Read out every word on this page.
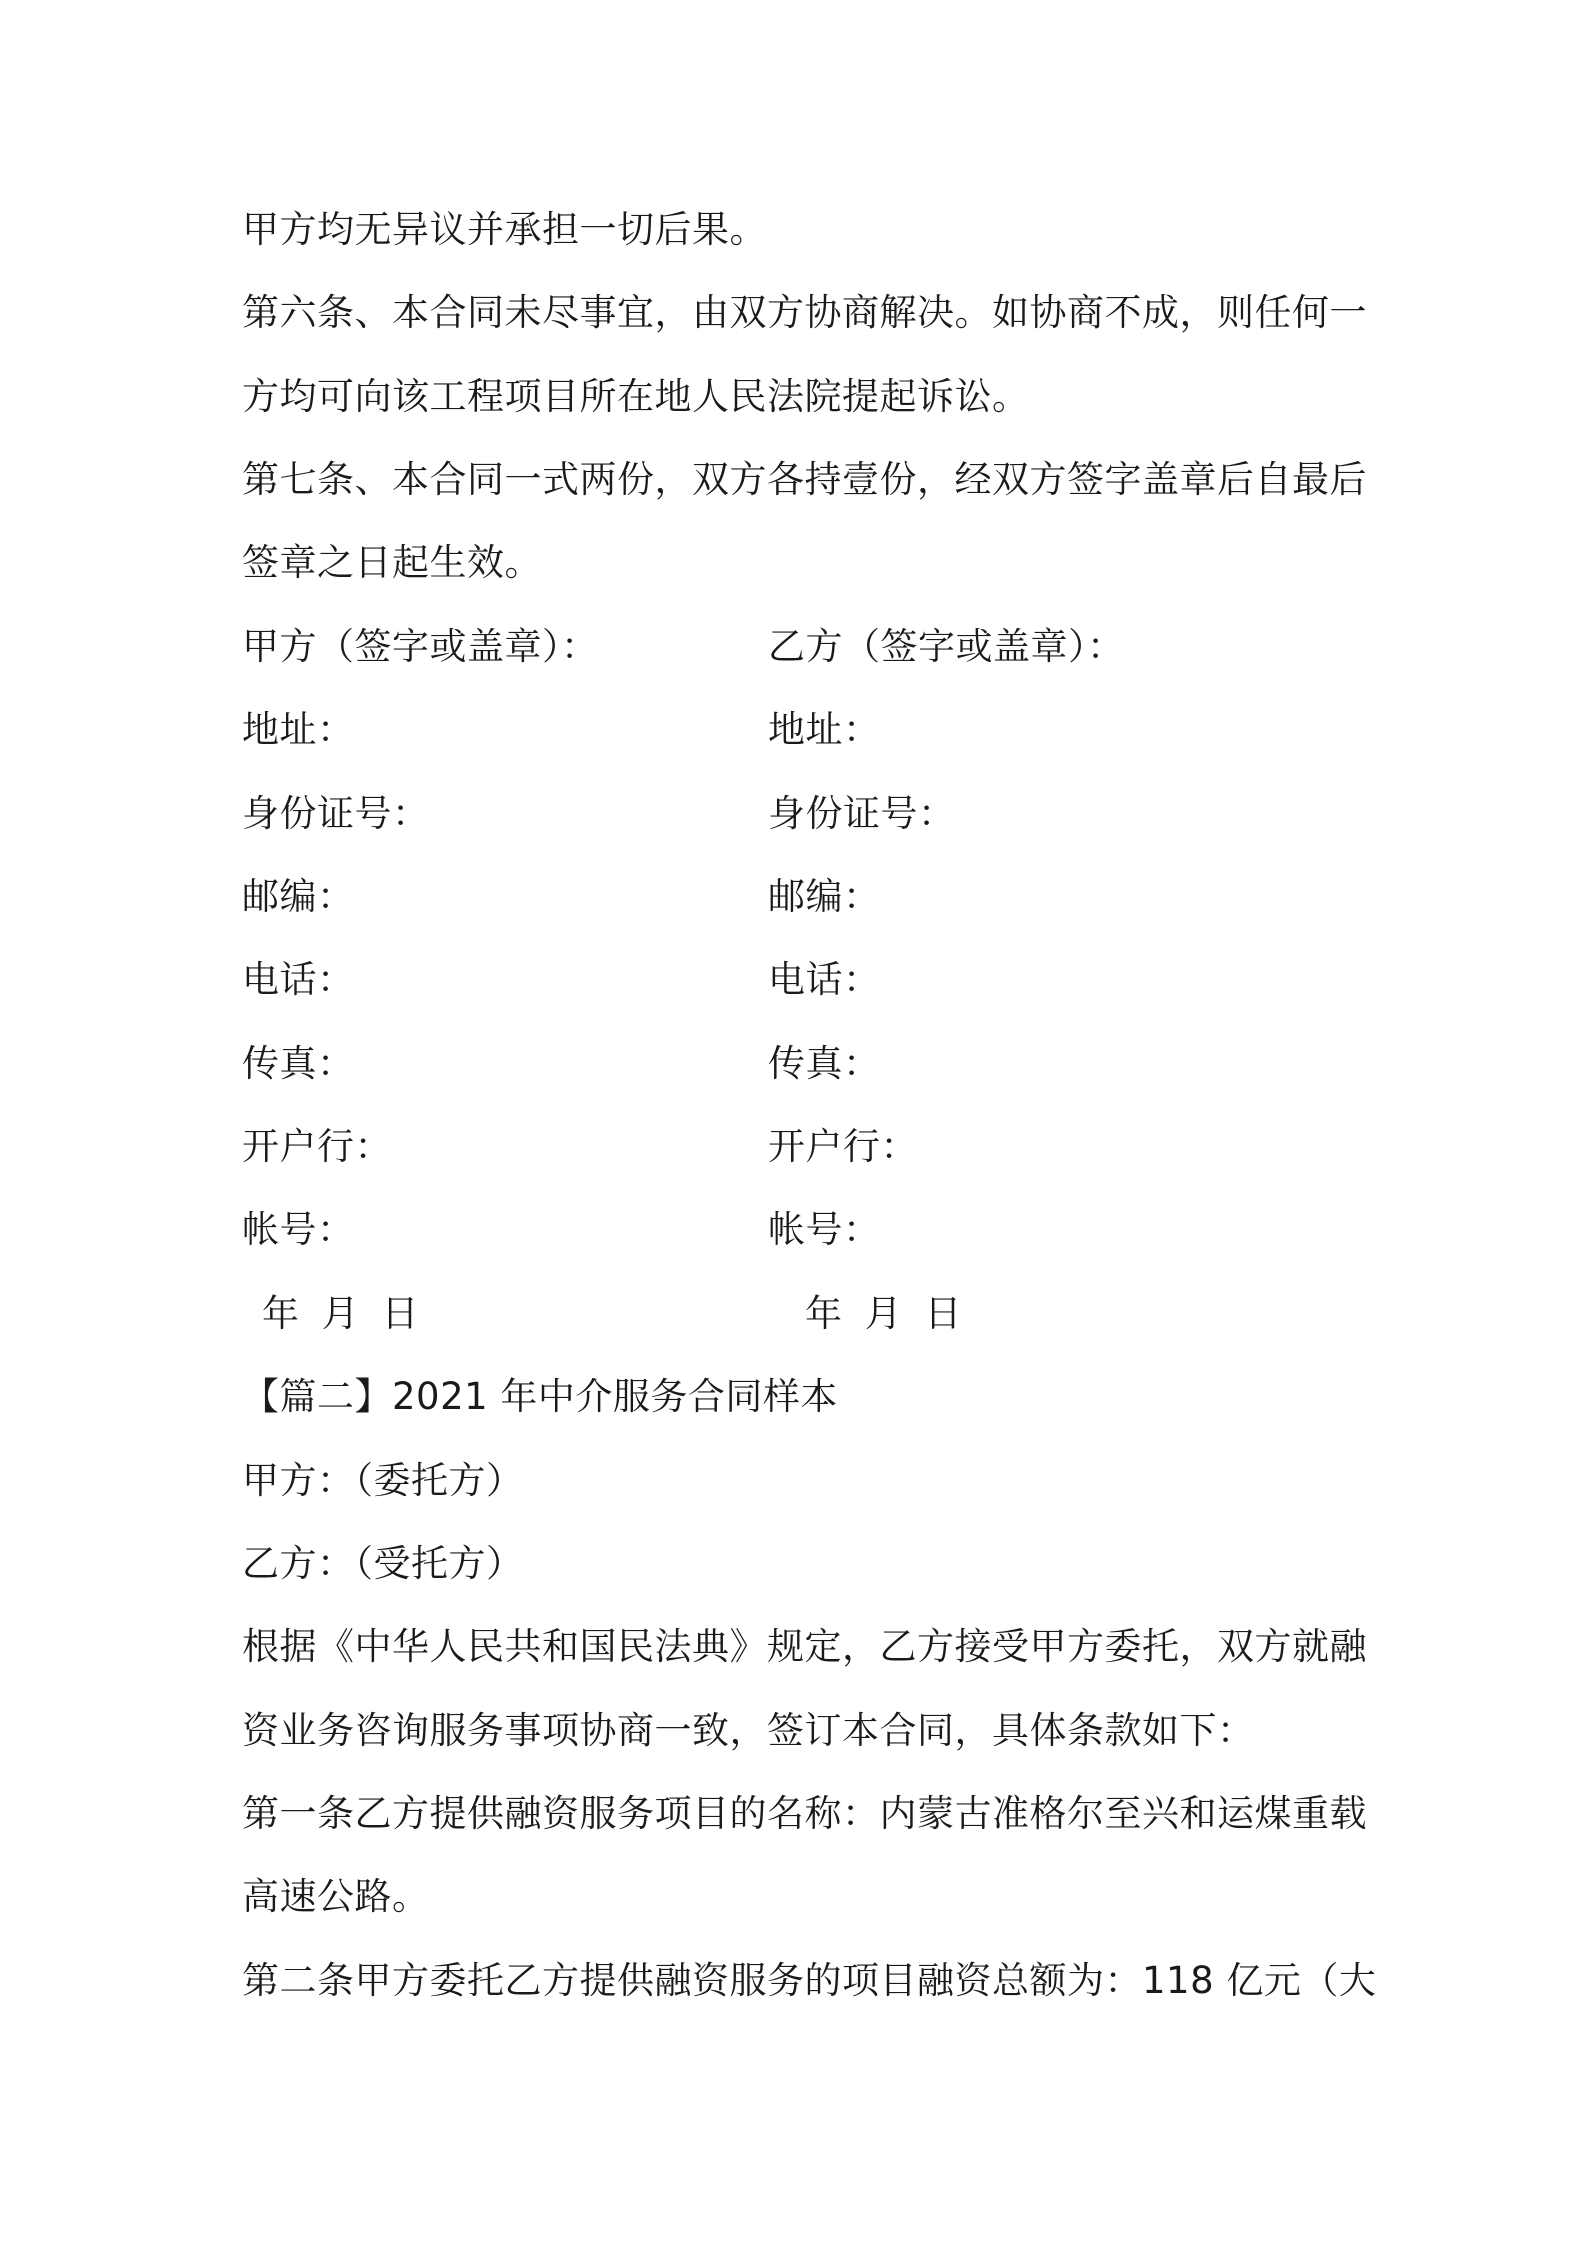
甲方均无异议并承担一切后果。
第六条、本合同未尽事宜，由双方协商解决。如协商不成，则任何一
方均可向该工程项目所在地人民法院提起诉讼。
第七条、本合同一式两份，双方各持壹份，经双方签字盖章后自最后
签章之日起生效。
甲方（签字或盖章）：
地址：
身份证号：
邮编：
电话：
传真：
开户行：
帐号：
年 月 日
乙方（签字或盖章）：
地址：
身份证号：
邮编：
电话：
传真：
开户行：
帐号：
年 月 日
【篇二】2021 年中介服务合同样本
甲方：（委托方）
乙方：（受托方）
根据《中华人民共和国民法典》规定，乙方接受甲方委托，双方就融
资业务咨询服务事项协商一致，签订本合同，具体条款如下：
第一条乙方提供融资服务项目的名称：内蒙古准格尔至兴和运煤重载
高速公路。
第二条甲方委托乙方提供融资服务的项目融资总额为：118 亿元（大
